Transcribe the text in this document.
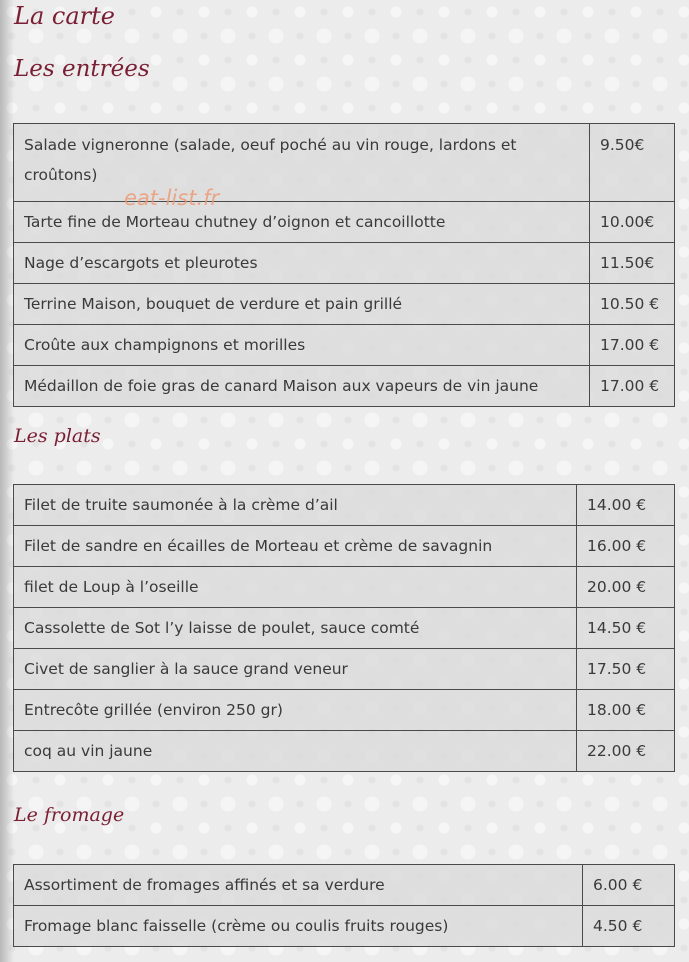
La carte
Les entrées
Salade vigneronne (salade, oeuf poché au vin rouge, lardons et croûtons)	9.50€
Tarte fine de Morteau chutney d’oignon et cancoillotte	10.00€
Nage d’escargots et pleurotes	11.50€
Terrine Maison, bouquet de verdure et pain grillé	10.50 €
Croûte aux champignons et morilles	17.00 €
Médaillon de foie gras de canard Maison aux vapeurs de vin jaune	17.00 €
eat-list.fr
Les plats
Filet de truite saumonée à la crème d’ail	14.00 €
Filet de sandre en écailles de Morteau et crème de savagnin	16.00 €
filet de Loup à l’oseille	20.00 €
Cassolette de Sot l’y laisse de poulet, sauce comté	14.50 €
Civet de sanglier à la sauce grand veneur	17.50 €
Entrecôte grillée (environ 250 gr)	18.00 €
coq au vin jaune	22.00 €
Le fromage
Assortiment de fromages affinés et sa verdure	6.00 €
Fromage blanc faisselle (crème ou coulis fruits rouges)	4.50 €
